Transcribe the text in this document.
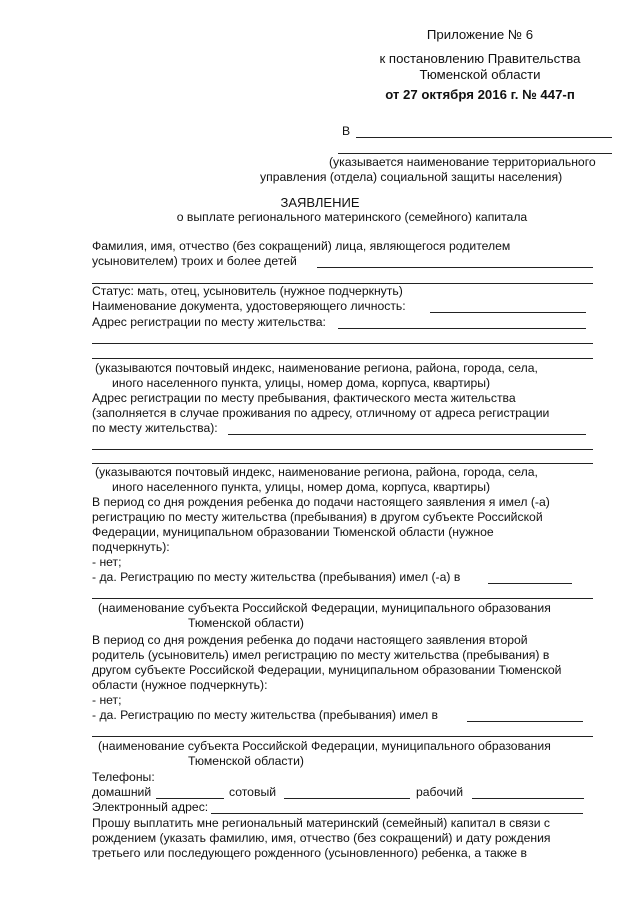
Приложение № 6
к постановлению Правительства
Тюменской области
от 27 октября 2016 г. № 447-п
В
(указывается наименование территориального
управления (отдела) социальной защиты населения)
ЗАЯВЛЕНИЕ
о выплате регионального материнского (семейного) капитала
Фамилия, имя, отчество (без сокращений) лица, являющегося родителем
усыновителем) троих и более детей
Статус: мать, отец, усыновитель (нужное подчеркнуть)
Наименование документа, удостоверяющего личность:
Адрес регистрации по месту жительства:
(указываются почтовый индекс, наименование региона, района, города, села,
иного населенного пункта, улицы, номер дома, корпуса, квартиры)
Адрес регистрации по месту пребывания, фактического места жительства
(заполняется в случае проживания по адресу, отличному от адреса регистрации
по месту жительства):
(указываются почтовый индекс, наименование региона, района, города, села,
иного населенного пункта, улицы, номер дома, корпуса, квартиры)
В период со дня рождения ребенка до подачи настоящего заявления я имел (-а)
регистрацию по месту жительства (пребывания) в другом субъекте Российской
Федерации, муниципальном образовании Тюменской области (нужное
подчеркнуть):
- нет;
- да. Регистрацию по месту жительства (пребывания) имел (-а) в
(наименование субъекта Российской Федерации, муниципального образования
Тюменской области)
В период со дня рождения ребенка до подачи настоящего заявления второй
родитель (усыновитель) имел регистрацию по месту жительства (пребывания) в
другом субъекте Российской Федерации, муниципальном образовании Тюменской
области (нужное подчеркнуть):
- нет;
- да. Регистрацию по месту жительства (пребывания) имел в
(наименование субъекта Российской Федерации, муниципального образования
Тюменской области)
Телефоны:
домашний	сотовый	рабочий
Электронный адрес:
Прошу выплатить мне региональный материнский (семейный) капитал в связи с
рождением (указать фамилию, имя, отчество (без сокращений) и дату рождения
третьего или последующего рожденного (усыновленного) ребенка, а также в
